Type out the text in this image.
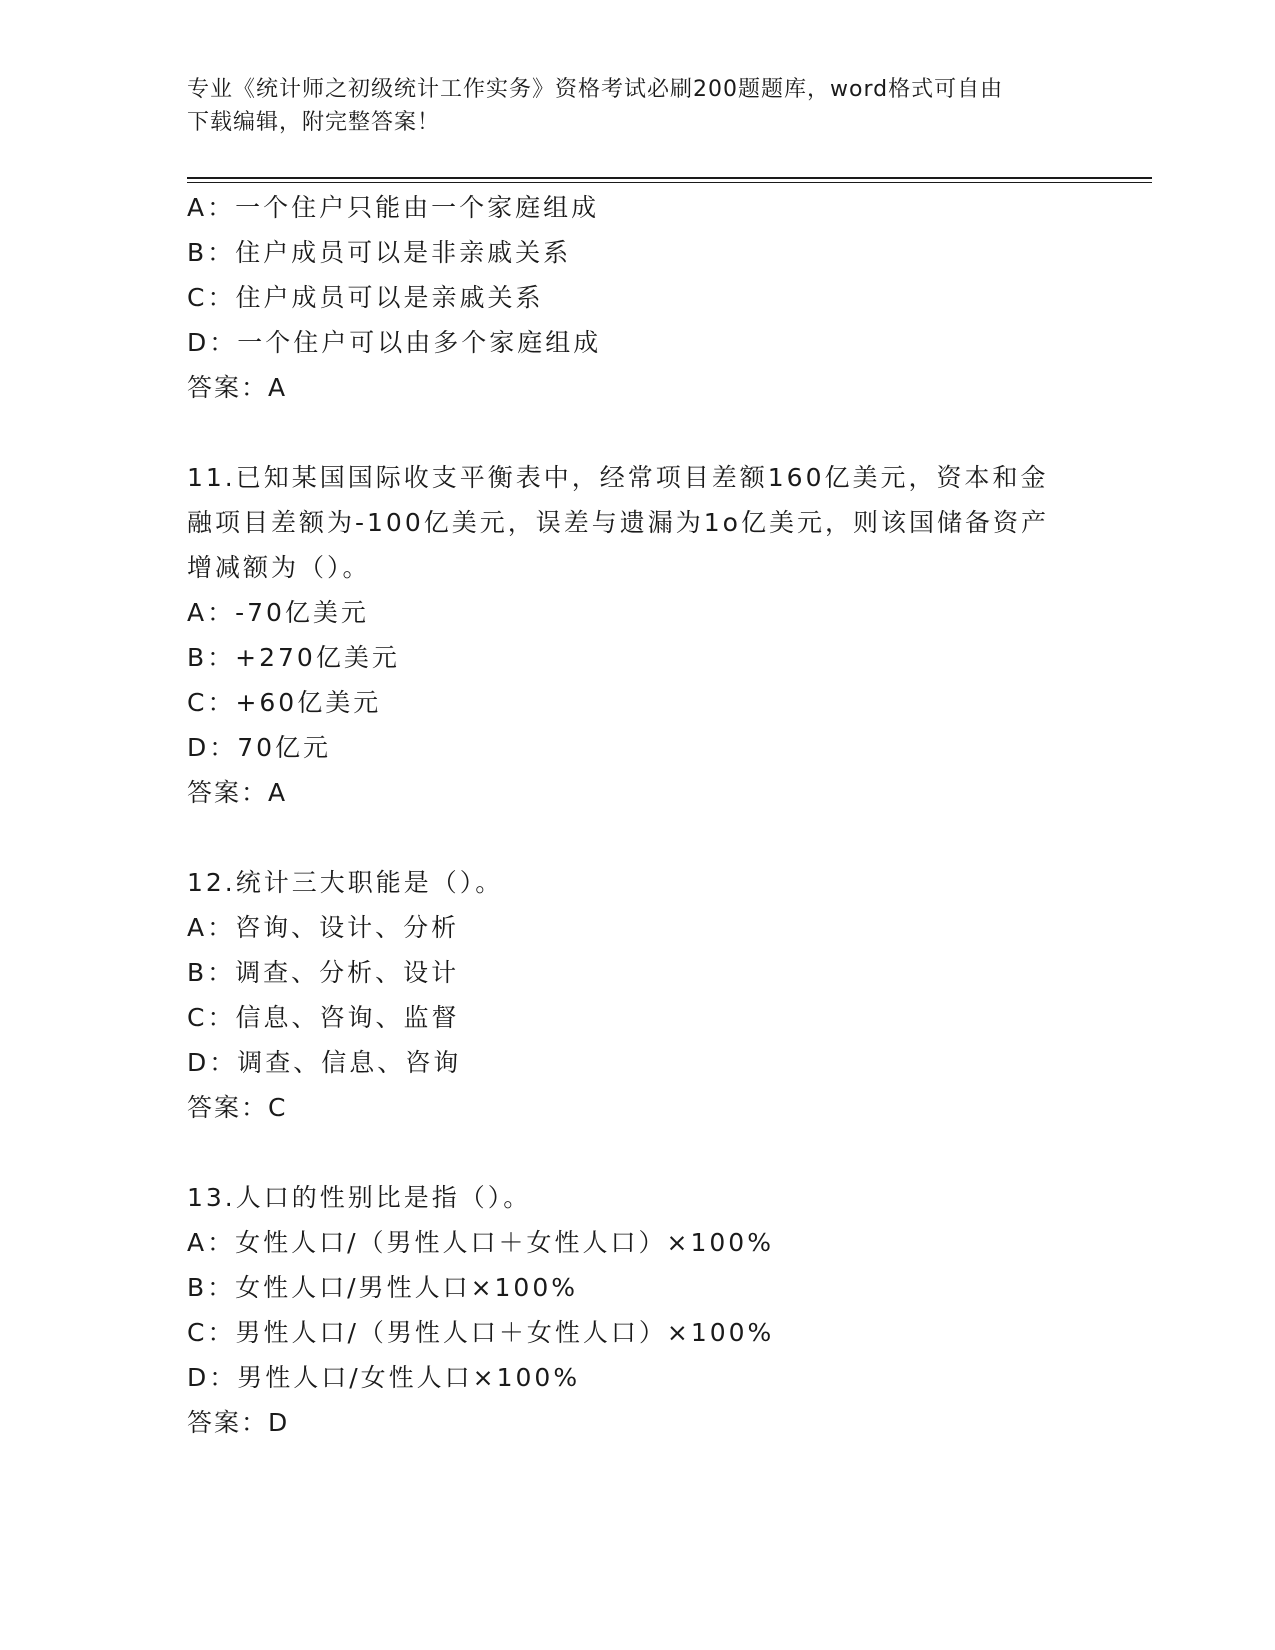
专业《统计师之初级统计工作实务》资格考试必刷200题题库，word格式可自由
下载编辑，附完整答案！
A：一个住户只能由一个家庭组成
B：住户成员可以是非亲戚关系
C：住户成员可以是亲戚关系
D：一个住户可以由多个家庭组成
答案：A
11.已知某国国际收支平衡表中，经常项目差额160亿美元，资本和金
融项目差额为-100亿美元，误差与遗漏为1o亿美元，则该国储备资产
增减额为（）。
A：-70亿美元
B：+270亿美元
C：+60亿美元
D：70亿元
答案：A
12.统计三大职能是（）。
A：咨询、设计、分析
B：调查、分析、设计
C：信息、咨询、监督
D：调查、信息、咨询
答案：C
13.人口的性别比是指（）。
A：女性人口/（男性人口＋女性人口）×100%
B：女性人口/男性人口×100%
C：男性人口/（男性人口＋女性人口）×100%
D：男性人口/女性人口×100%
答案：D
